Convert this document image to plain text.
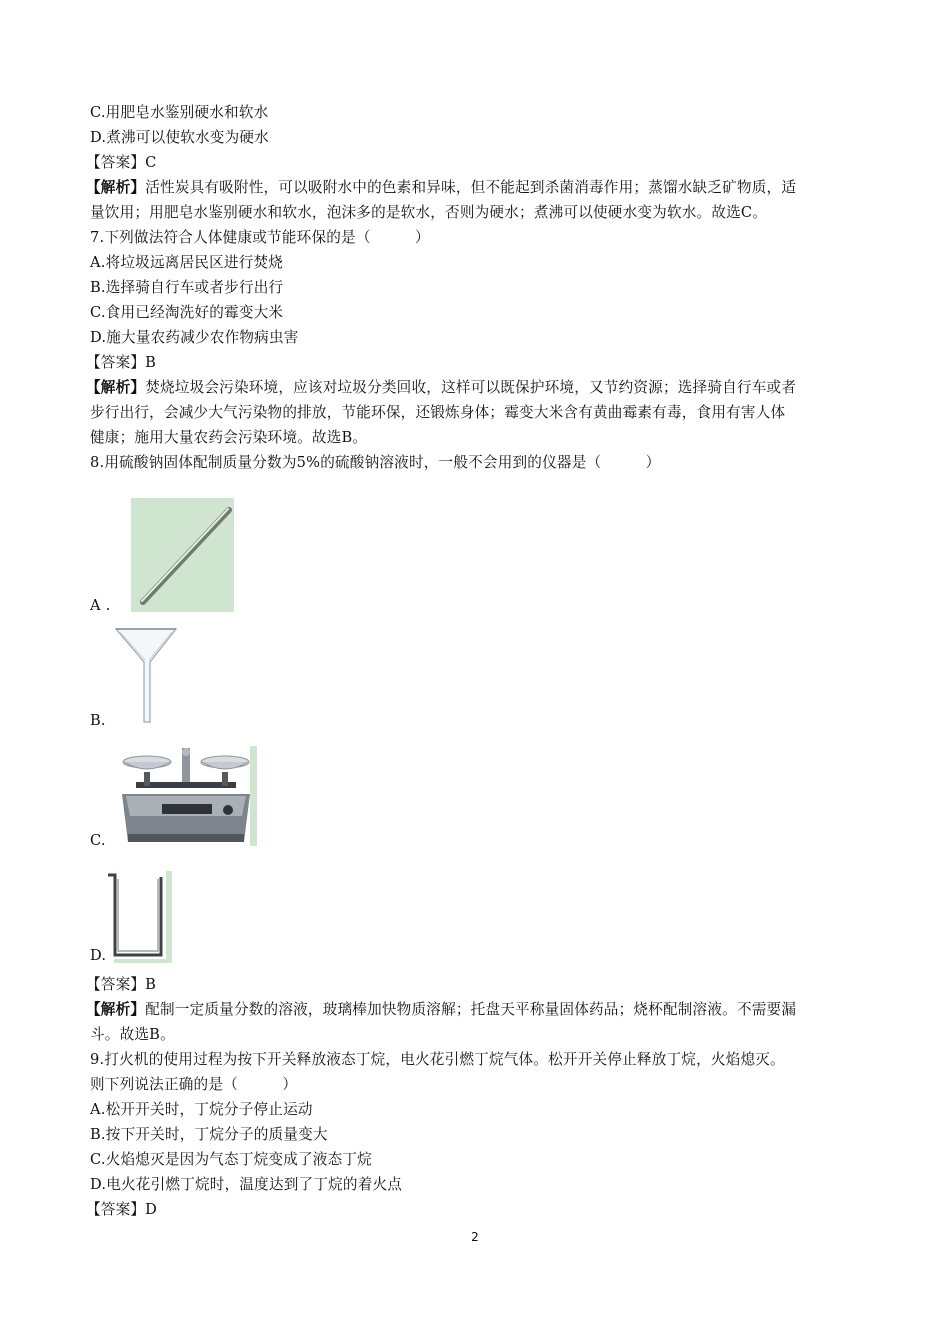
C.用肥皂水鉴别硬水和软水
D.煮沸可以使软水变为硬水
【答案】C
【解析】活性炭具有吸附性，可以吸附水中的色素和异味，但不能起到杀菌消毒作用；蒸馏水缺乏矿物质，适
量饮用；用肥皂水鉴别硬水和软水，泡沫多的是软水，否则为硬水；煮沸可以使硬水变为软水。故选C。
7.下列做法符合人体健康或节能环保的是（　　　）
A.将垃圾远离居民区进行焚烧
B.选择骑自行车或者步行出行
C.食用已经淘洗好的霉变大米
D.施大量农药减少农作物病虫害
【答案】B
【解析】焚烧垃圾会污染环境，应该对垃圾分类回收，这样可以既保护环境，又节约资源；选择骑自行车或者
步行出行，会减少大气污染物的排放，节能环保，还锻炼身体；霉变大米含有黄曲霉素有毒，食用有害人体
健康；施用大量农药会污染环境。故选B。
8.用硫酸钠固体配制质量分数为5%的硫酸钠溶液时，一般不会用到的仪器是（　　　）
A .
B.
C.
D.
【答案】B
【解析】配制一定质量分数的溶液，玻璃棒加快物质溶解；托盘天平称量固体药品；烧杯配制溶液。不需要漏
斗。故选B。
9.打火机的使用过程为按下开关释放液态丁烷，电火花引燃丁烷气体。松开开关停止释放丁烷，火焰熄灭。
则下列说法正确的是（　　　）
A.松开开关时，丁烷分子停止运动
B.按下开关时，丁烷分子的质量变大
C.火焰熄灭是因为气态丁烷变成了液态丁烷
D.电火花引燃丁烷时，温度达到了丁烷的着火点
【答案】D
2
